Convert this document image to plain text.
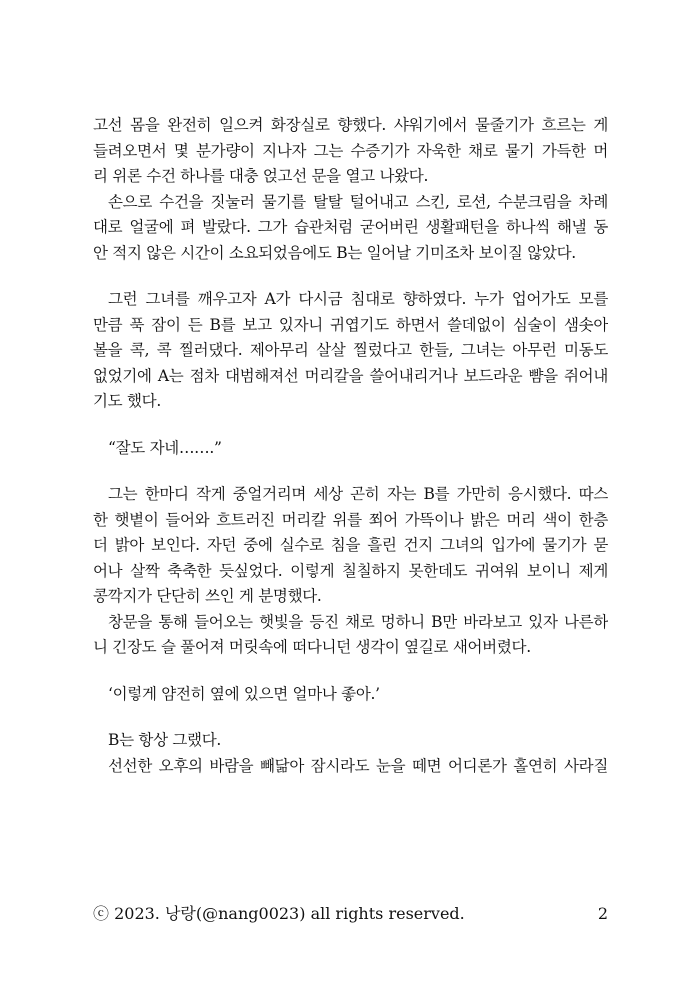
고선 몸을 완전히 일으켜 화장실로 향했다. 샤워기에서 물줄기가 흐르는 게
들려오면서 몇 분가량이 지나자 그는 수증기가 자욱한 채로 물기 가득한 머
리 위론 수건 하나를 대충 얹고선 문을 열고 나왔다.
손으로 수건을 짓눌러 물기를 탈탈 털어내고 스킨, 로션, 수분크림을 차례
대로 얼굴에 펴 발랐다. 그가 습관처럼 굳어버린 생활패턴을 하나씩 해낼 동
안 적지 않은 시간이 소요되었음에도 B는 일어날 기미조차 보이질 않았다.
그런 그녀를 깨우고자 A가 다시금 침대로 향하였다. 누가 업어가도 모를
만큼 푹 잠이 든 B를 보고 있자니 귀엽기도 하면서 쓸데없이 심술이 샘솟아
볼을 콕, 콕 찔러댔다. 제아무리 살살 찔렀다고 한들, 그녀는 아무런 미동도
없었기에 A는 점차 대범해져선 머리칼을 쓸어내리거나 보드라운 뺨을 쥐어내
기도 했다.
“잘도 자네…….”
그는 한마디 작게 중얼거리며 세상 곤히 자는 B를 가만히 응시했다. 따스
한 햇볕이 들어와 흐트러진 머리칼 위를 쬐어 가뜩이나 밝은 머리 색이 한층
더 밝아 보인다. 자던 중에 실수로 침을 흘린 건지 그녀의 입가에 물기가 묻
어나 살짝 축축한 듯싶었다. 이렇게 칠칠하지 못한데도 귀여워 보이니 제게
콩깍지가 단단히 쓰인 게 분명했다.
창문을 통해 들어오는 햇빛을 등진 채로 멍하니 B만 바라보고 있자 나른하
니 긴장도 슬 풀어져 머릿속에 떠다니던 생각이 옆길로 새어버렸다.
‘이렇게 얌전히 옆에 있으면 얼마나 좋아.’
B는 항상 그랬다.
선선한 오후의 바람을 빼닮아 잠시라도 눈을 떼면 어디론가 홀연히 사라질
ⓒ 2023. 낭랑(@nang0023) all rights reserved.	2
